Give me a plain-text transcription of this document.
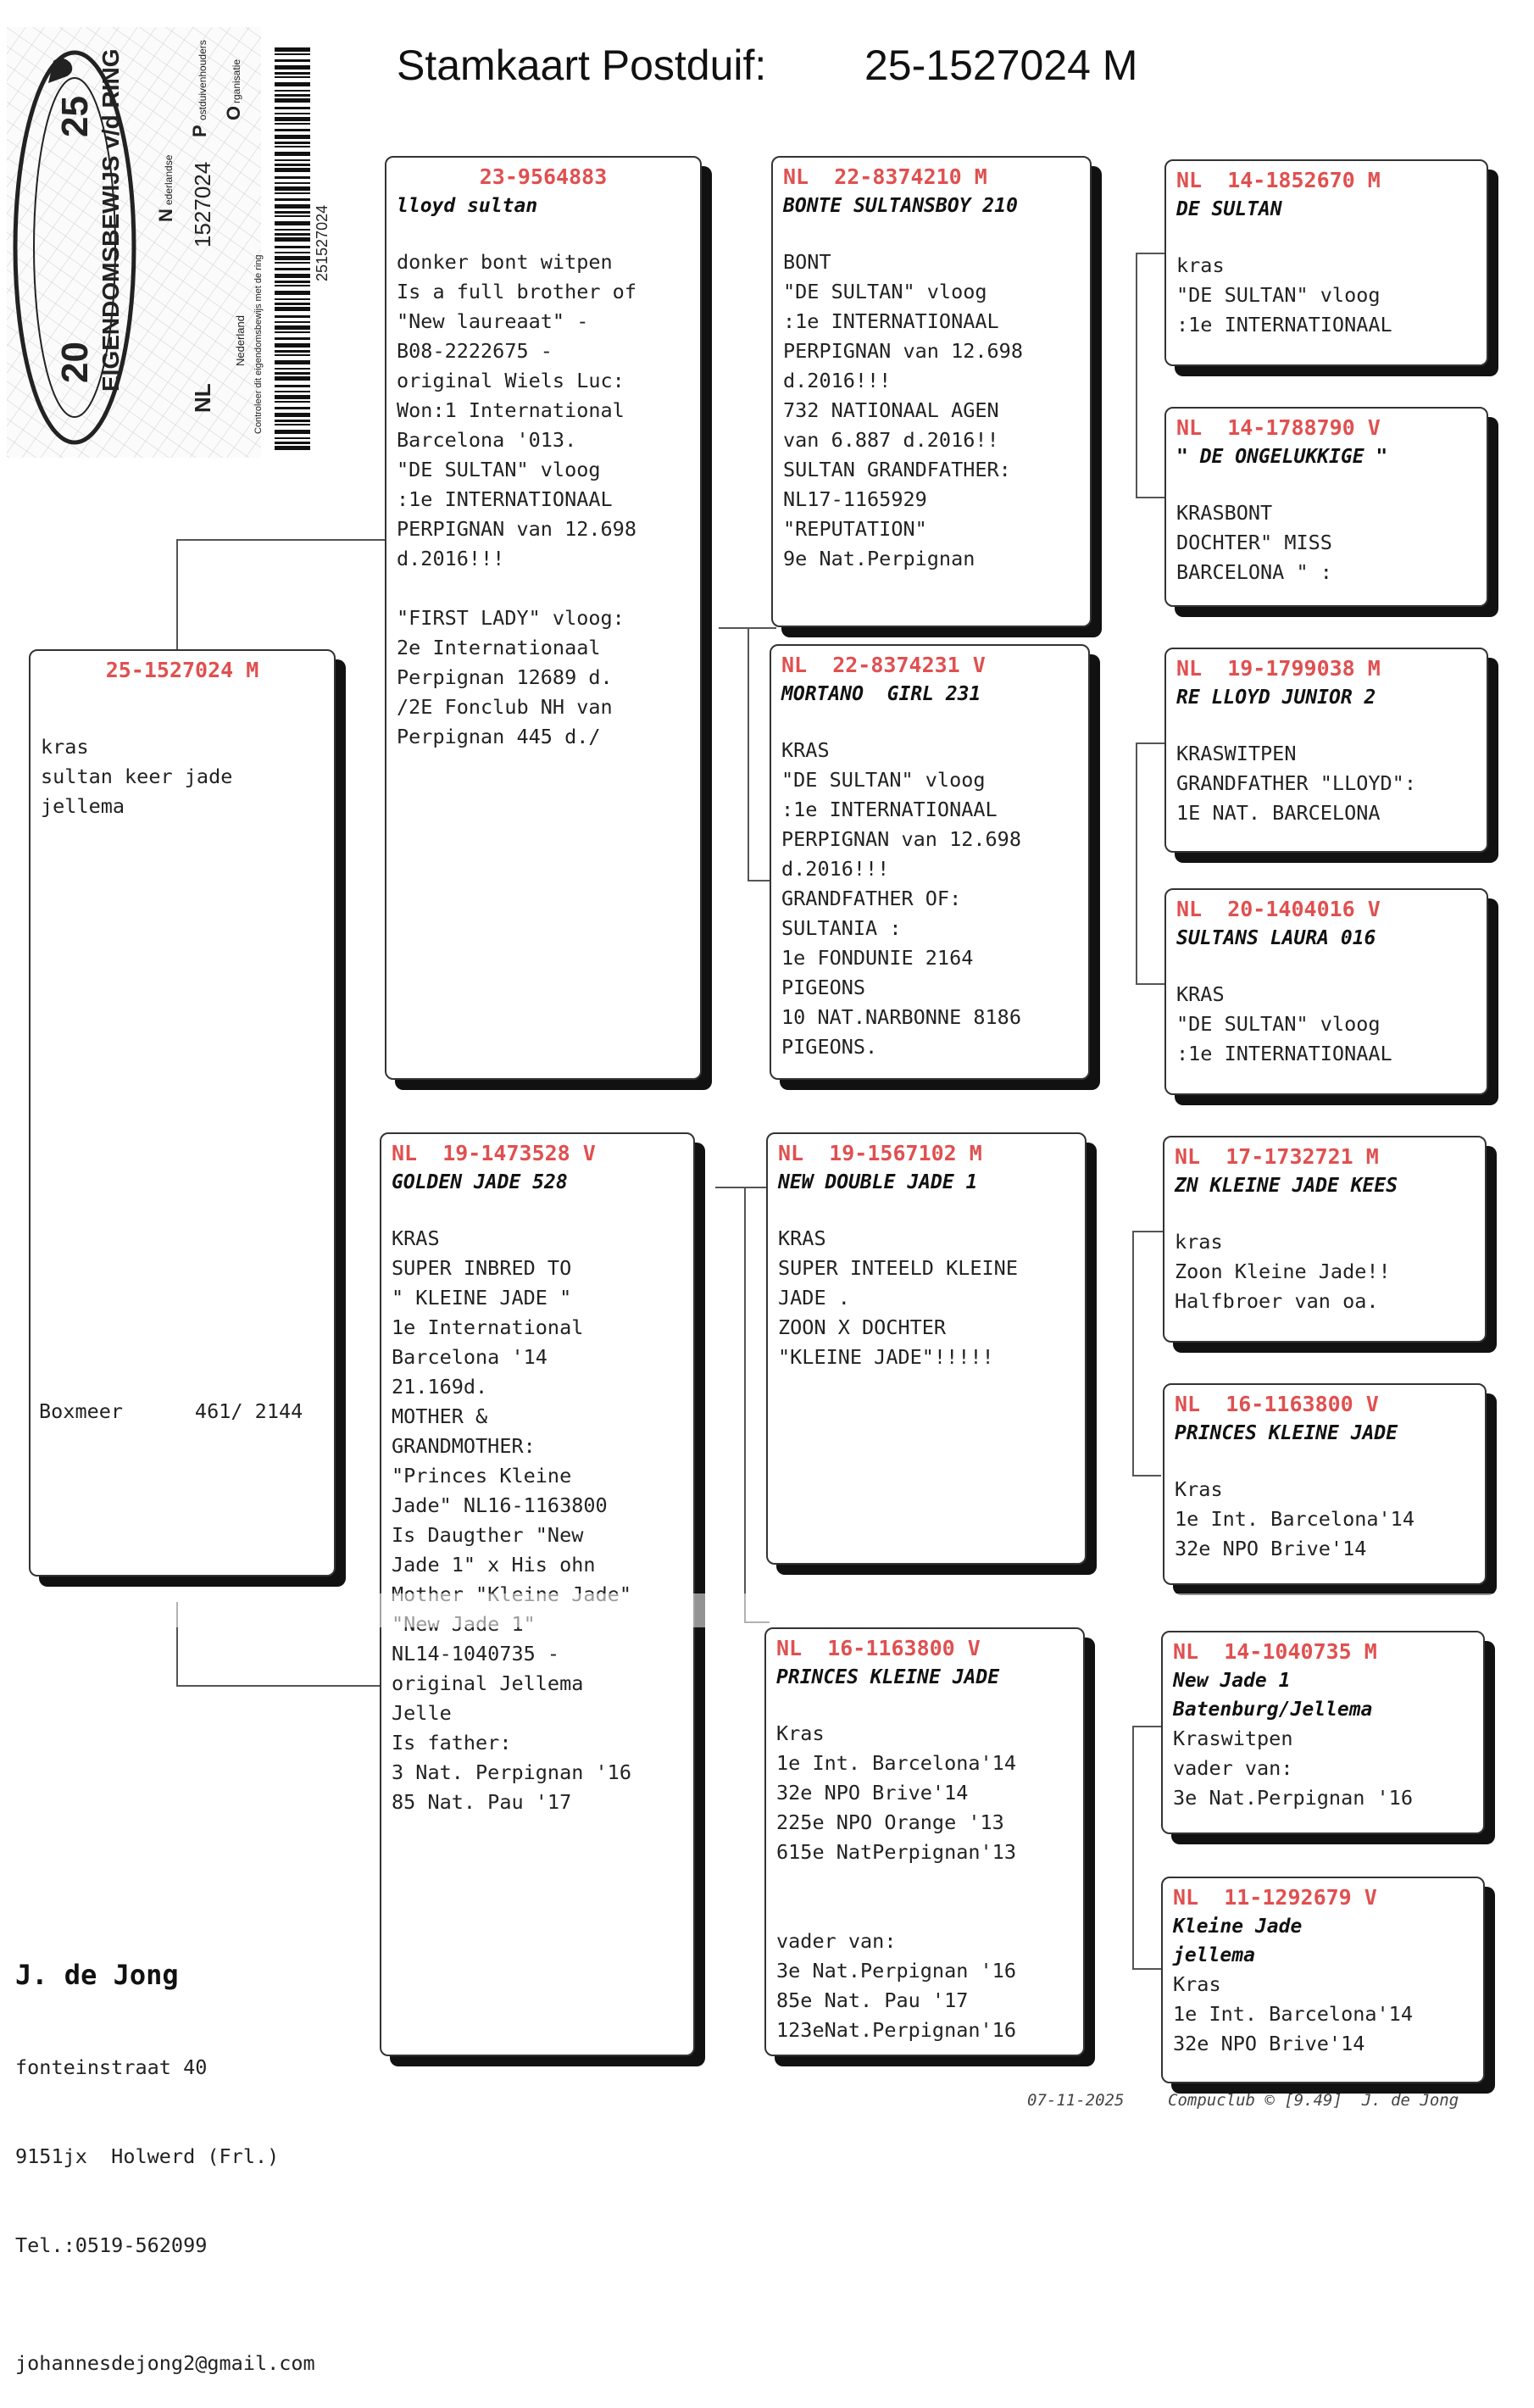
Stamkaart Postduif: 25-1527024 M
EIGENDOMSBEWIJS v/d RING
25
20
1527024
NL
Nederland Controleer dit eigendomsbewijs met de ring
251527024
N
ederlandse
P
ostduivenhouders O
rganisatie
25-1527024 M
kras
sultan keer jade
jellema
Boxmeer      461/ 2144
23-9564883
lloyd sultan
donker bont witpen
Is a full brother of
"New laureaat" -
B08-2222675 -
original Wiels Luc:
Won:1 International
Barcelona '013.
"DE SULTAN" vloog
:1e INTERNATIONAAL
PERPIGNAN van 12.698
d.2016!!!

"FIRST LADY" vloog:
2e Internationaal
Perpignan 12689 d.
/2E Fonclub NH van
Perpignan 445 d./
NL  19-1473528 V
GOLDEN JADE 528
KRAS
SUPER INBRED TO
" KLEINE JADE "
1e International
Barcelona '14
21.169d.
MOTHER &
GRANDMOTHER:
"Princes Kleine
Jade" NL16-1163800
Is Daugther "New
Jade 1" x His ohn

NL14-1040735 -
original Jellema
Jelle
Is father:
3 Nat. Perpignan '16
85 Nat. Pau '17
NL  22-8374210 M
BONTE SULTANSBOY 210
BONT
"DE SULTAN" vloog
:1e INTERNATIONAAL
PERPIGNAN van 12.698
d.2016!!!
732 NATIONAAL AGEN
van 6.887 d.2016!!
SULTAN GRANDFATHER:
NL17-1165929
"REPUTATION"
9e Nat.Perpignan
NL  22-8374231 V
MORTANO  GIRL 231
KRAS
"DE SULTAN" vloog
:1e INTERNATIONAAL
PERPIGNAN van 12.698
d.2016!!!
GRANDFATHER OF:
SULTANIA :
1e FONDUNIE 2164
PIGEONS
10 NAT.NARBONNE 8186
PIGEONS.
NL  19-1567102 M
NEW DOUBLE JADE 1
KRAS
SUPER INTEELD KLEINE
JADE .
ZOON X DOCHTER
"KLEINE JADE"!!!!!
NL  16-1163800 V
PRINCES KLEINE JADE
Kras
1e Int. Barcelona'14
32e NPO Brive'14
225e NPO Orange '13
615e NatPerpignan'13

vader van:
3e Nat.Perpignan '16
85e Nat. Pau '17
123eNat.Perpignan'16
NL  14-1852670 M
DE SULTAN
kras
"DE SULTAN" vloog
:1e INTERNATIONAAL
NL  14-1788790 V
" DE ONGELUKKIGE "
KRASBONT
DOCHTER" MISS
BARCELONA " :
NL  19-1799038 M
RE LLOYD JUNIOR 2
KRASWITPEN
GRANDFATHER "LLOYD":
1E NAT. BARCELONA
NL  20-1404016 V
SULTANS LAURA 016
KRAS
"DE SULTAN" vloog
:1e INTERNATIONAAL
NL  17-1732721 M
ZN KLEINE JADE KEES
kras
Zoon Kleine Jade!!
Halfbroer van oa.
NL  16-1163800 V
PRINCES KLEINE JADE
Kras
1e Int. Barcelona'14
32e NPO Brive'14
NL  14-1040735 M
New Jade 1
Batenburg/Jellema
Kraswitpen
vader van:
3e Nat.Perpignan '16
NL  11-1292679 V
Kleine Jade
jellema
Kras
1e Int. Barcelona'14
32e NPO Brive'14

J. de Jong

fonteinstraat 40

9151jx  Holwerd (Frl.)

Tel.:0519-562099

johannesdejong2@gmail.com

07-11-2025	Compuclub © [9.49]  J. de Jong
